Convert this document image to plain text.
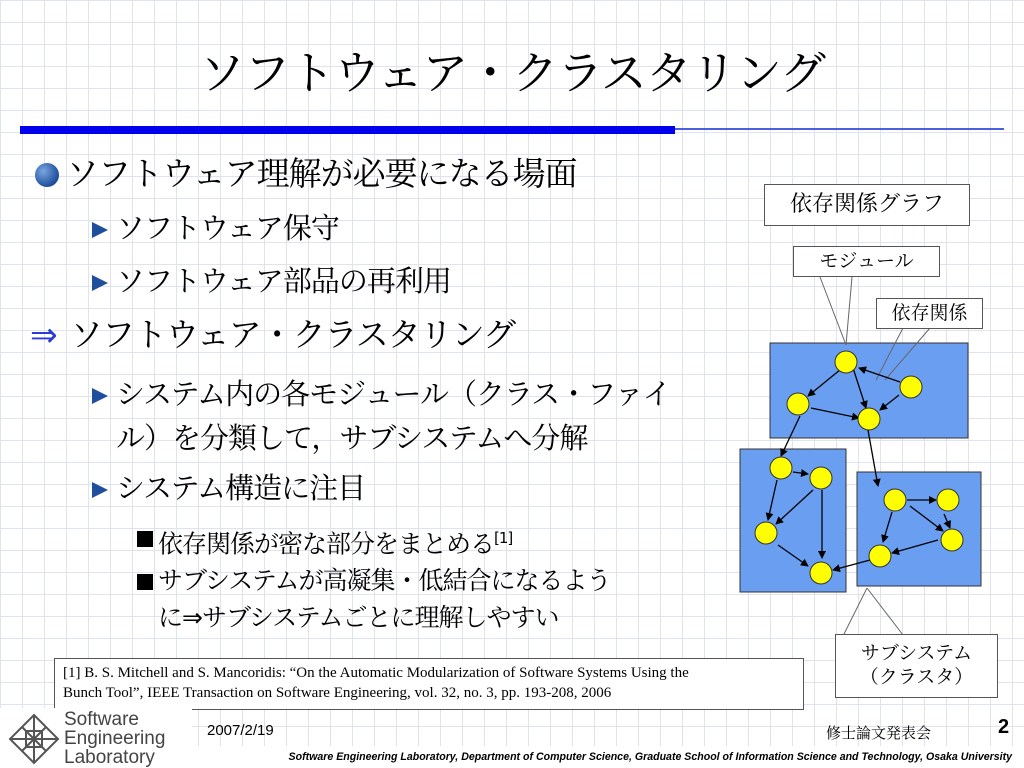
ソフトウェア・クラスタリング
ソフトウェア理解が必要になる場面
ソフトウェア保守
ソフトウェア部品の再利用
⇒ ソフトウェア・クラスタリング
システム内の各モジュール（クラス・ファイ
ル）を分類して，サブシステムへ分解
システム構造に注目
依存関係が密な部分をまとめる[1]
サブシステムが高凝集・低結合になるよう
に⇒サブシステムごとに理解しやすい
依存関係グラフ
モジュール
依存関係
サブシステム
（クラスタ）
[1] B. S. Mitchell and S. Mancoridis: “On the Automatic Modularization of Software Systems Using the
Bunch Tool”, IEEE Transaction on Software Engineering, vol. 32, no. 3, pp. 193-208, 2006
Software
Engineering
Laboratory
2007/2/19	修士論文発表会	2
Software Engineering Laboratory, Department of Computer Science, Graduate School of Information Science and Technology, Osaka University
